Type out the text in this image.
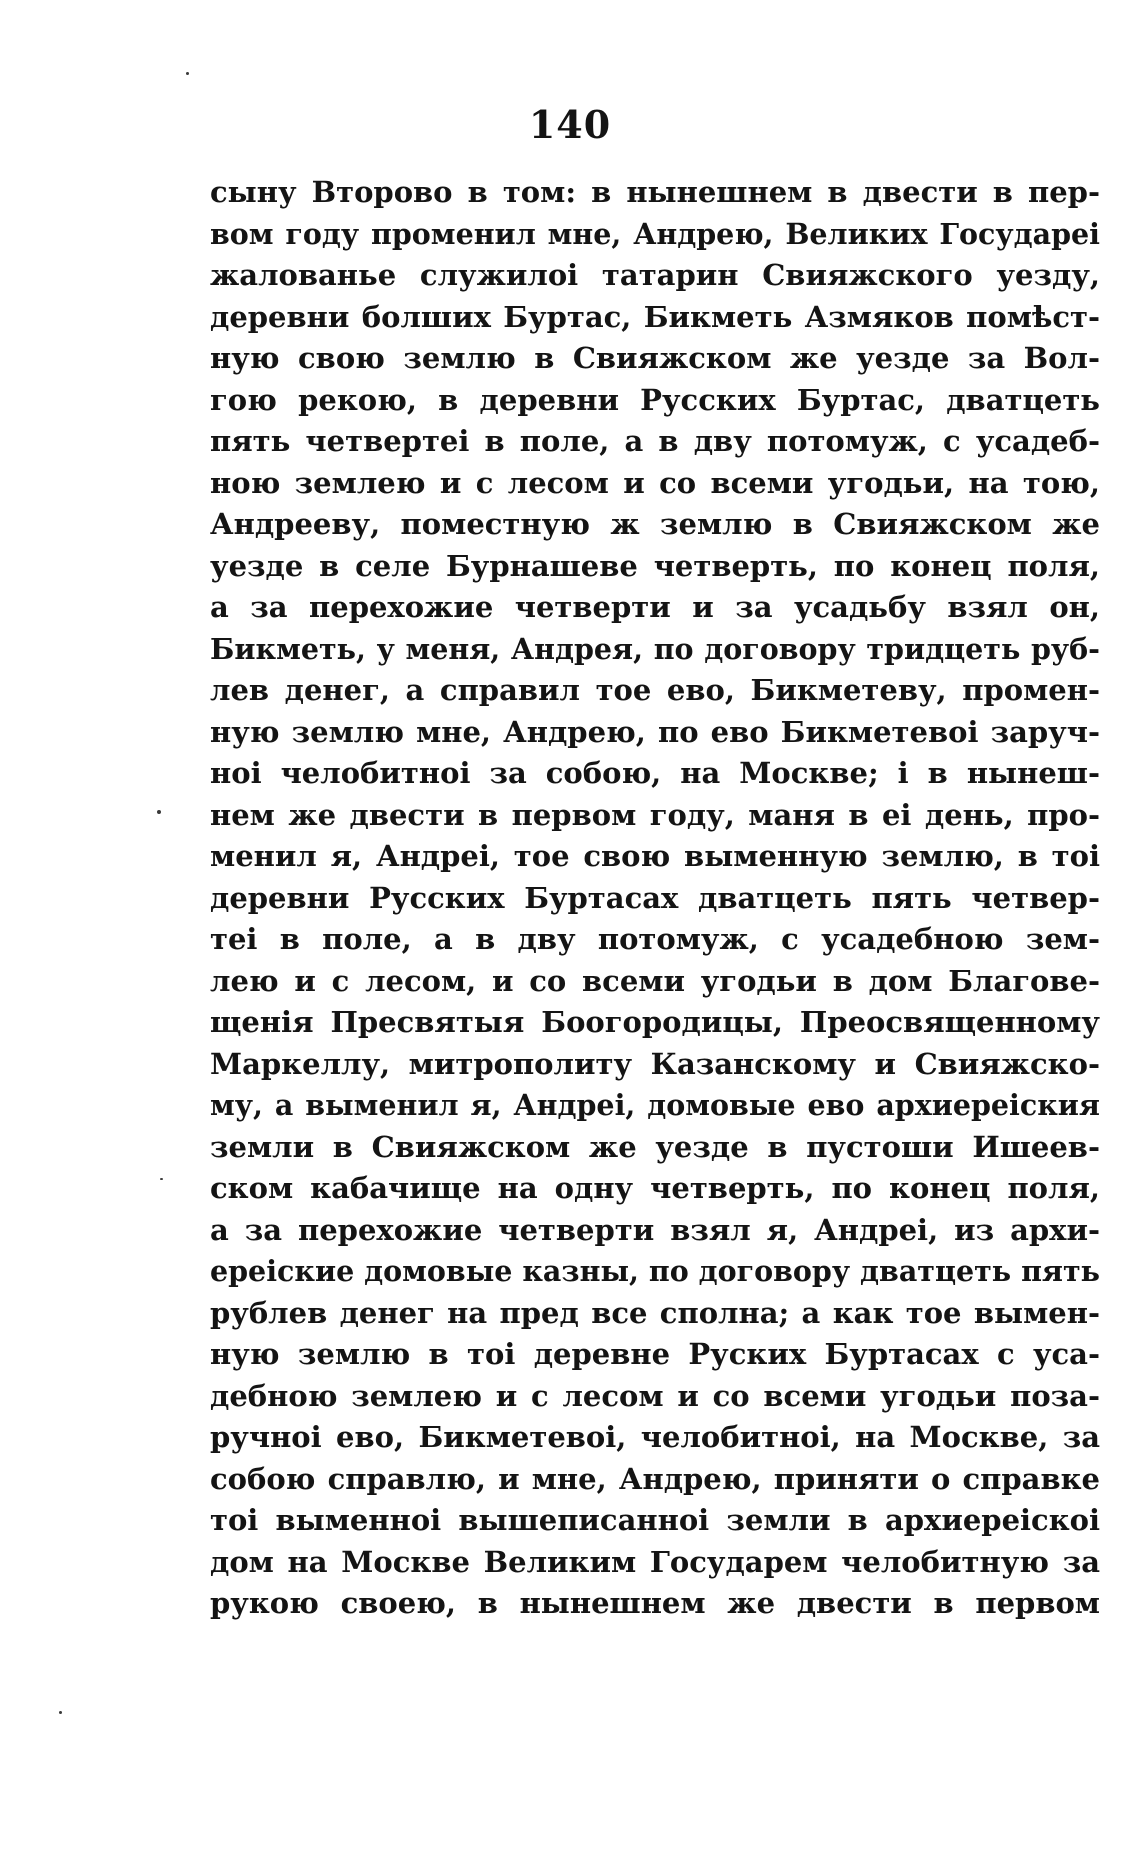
140
сыну Второво в том: в нынешнем в двести в пер-
вом году променил мне, Андрею, Великих Государеі
жалованье служилоі татарин Свияжского уезду,
деревни болших Буртас, Бикметь Азмяков помѣст-
ную свою землю в Свияжском же уезде за Вол-
гою рекою, в деревни Русских Буртас, дватцеть
пять четвертеі в поле, а в дву потомуж, с усадеб-
ною землею и с лесом и со всеми угодьи, на тою,
Андрееву, поместную ж землю в Свияжском же
уезде в селе Бурнашеве четверть, по конец поля,
а за перехожие четверти и за усадьбу взял он,
Бикметь, у меня, Андрея, по договору тридцеть руб-
лев денег, а справил тое ево, Бикметеву, промен-
ную землю мне, Андрею, по ево Бикметевоі заруч-
ноі челобитноі за собою, на Москве; і в нынеш-
нем же двести в первом году, маня в еі день, про-
менил я, Андреі, тое свою выменную землю, в тоі
деревни Русских Буртасах дватцеть пять четвер-
теі в поле, а в дву потомуж, с усадебною зем-
лею и с лесом, и со всеми угодьи в дом Благове-
щенія Пресвятыя Боогородицы, Преосвященному
Маркеллу, митрополиту Казанскому и Свияжско-
му, а выменил я, Андреі, домовые ево архиереіския
земли в Свияжском же уезде в пустоши Ишеев-
ском кабачище на одну четверть, по конец поля,
а за перехожие четверти взял я, Андреі, из архи-
ереіские домовые казны, по договору дватцеть пять
рублев денег на пред все сполна; а как тое вымен-
ную землю в тоі деревне Руских Буртасах с уса-
дебною землею и с лесом и со всеми угодьи поза-
ручноі ево, Бикметевоі, челобитноі, на Москве, за
собою справлю, и мне, Андрею, приняти о справке
тоі выменноі вышеписанноі земли в архиереіскоі
дом на Москве Великим Государем челобитную за
рукою своею, в нынешнем же двести в первом
